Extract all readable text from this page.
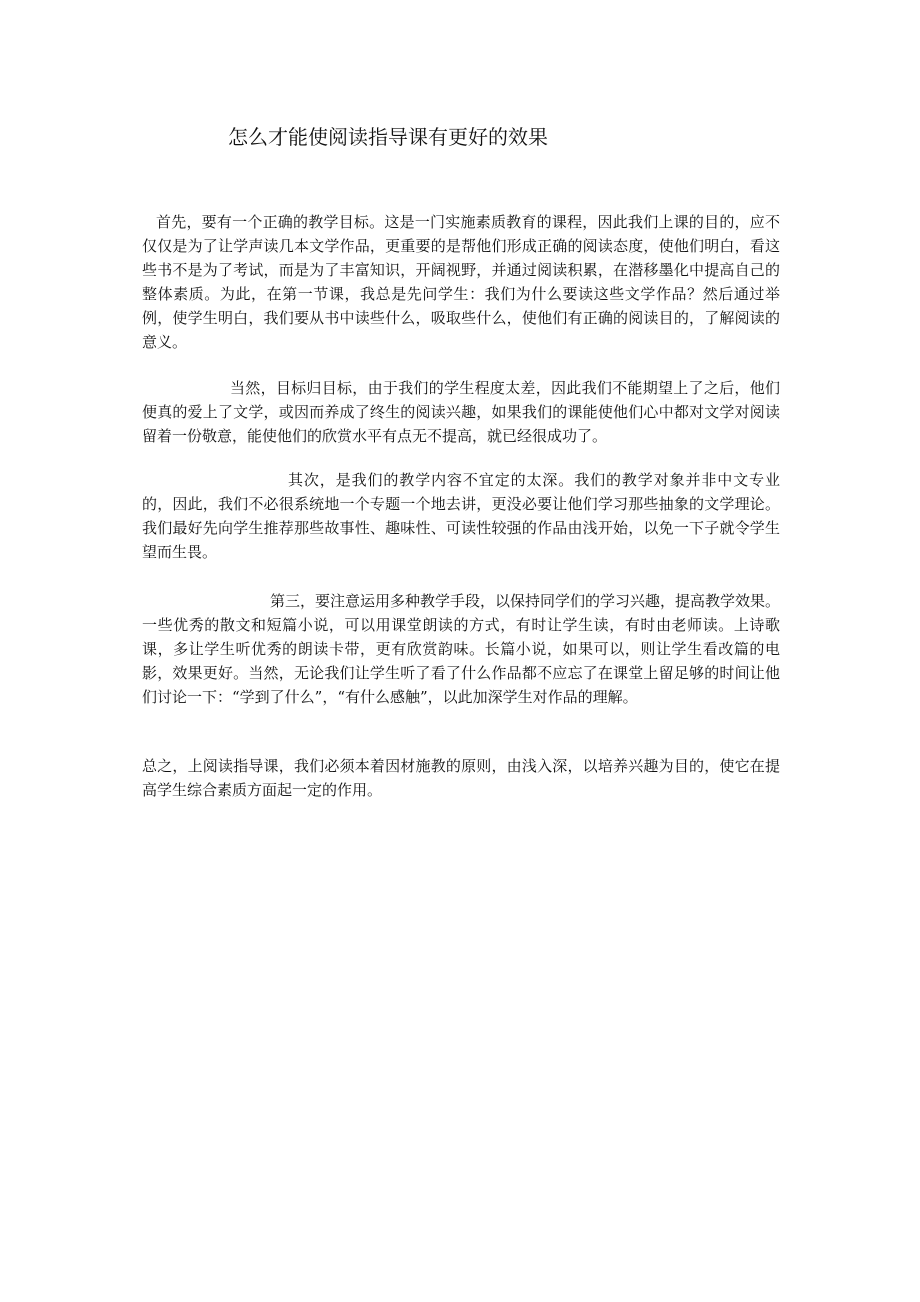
怎么才能使阅读指导课有更好的效果

首先，要有一个正确的教学目标。这是一门实施素质教育的课程，因此我们上课的目的，应不仅仅是为了让学声读几本文学作品，更重要的是帮他们形成正确的阅读态度，使他们明白，看这些书不是为了考试，而是为了丰富知识，开阔视野，并通过阅读积累，在潜移墨化中提高自己的整体素质。为此，在第一节课，我总是先问学生：我们为什么要读这些文学作品？然后通过举例，使学生明白，我们要从书中读些什么，吸取些什么，使他们有正确的阅读目的，了解阅读的意义。

当然，目标归目标，由于我们的学生程度太差，因此我们不能期望上了之后，他们便真的爱上了文学，或因而养成了终生的阅读兴趣，如果我们的课能使他们心中都对文学对阅读留着一份敬意，能使他们的欣赏水平有点无不提高，就已经很成功了。

其次，是我们的教学内容不宜定的太深。我们的教学对象并非中文专业的，因此，我们不必很系统地一个专题一个地去讲，更没必要让他们学习那些抽象的文学理论。我们最好先向学生推荐那些故事性、趣味性、可读性较强的作品由浅开始，以免一下子就令学生望而生畏。

第三，要注意运用多种教学手段，以保持同学们的学习兴趣，提高教学效果。一些优秀的散文和短篇小说，可以用课堂朗读的方式，有时让学生读，有时由老师读。上诗歌课，多让学生听优秀的朗读卡带，更有欣赏韵味。长篇小说，如果可以，则让学生看改篇的电影，效果更好。当然，无论我们让学生听了看了什么作品都不应忘了在课堂上留足够的时间让他们讨论一下：“学到了什么”，“有什么感触”，以此加深学生对作品的理解。

总之，上阅读指导课，我们必须本着因材施教的原则，由浅入深，以培养兴趣为目的，使它在提高学生综合素质方面起一定的作用。
